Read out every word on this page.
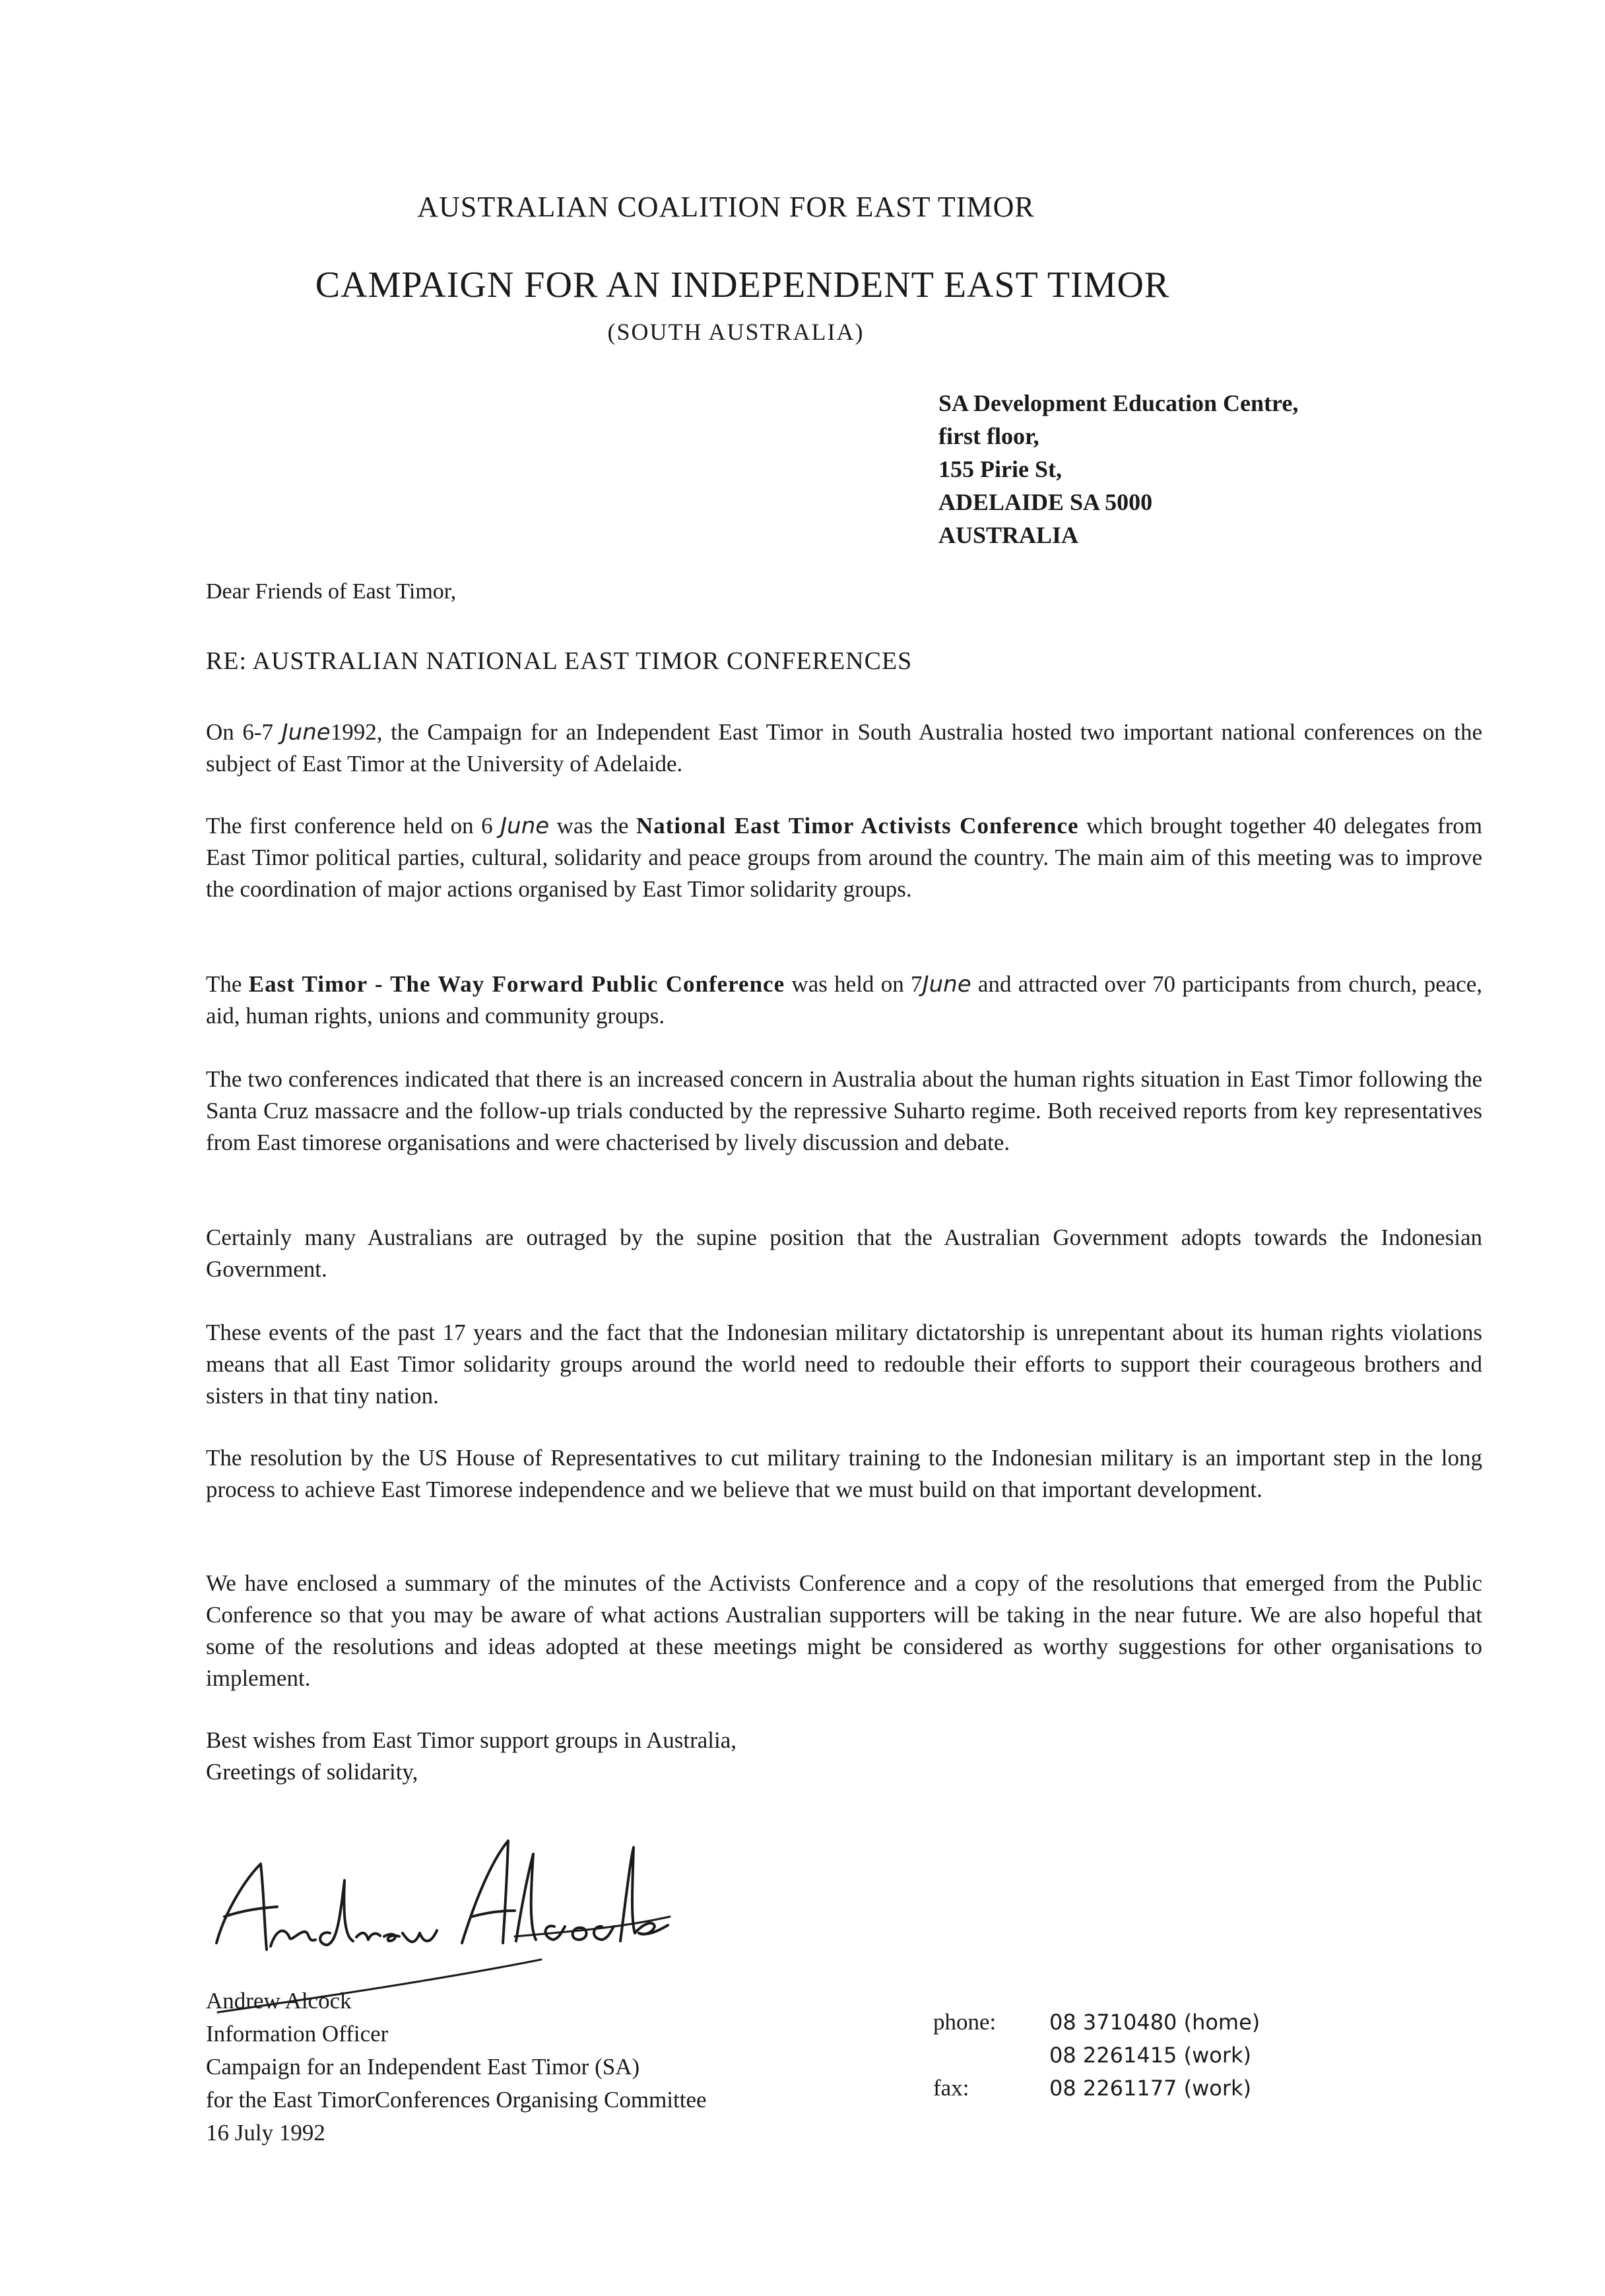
AUSTRALIAN COALITION FOR EAST TIMOR

CAMPAIGN FOR AN INDEPENDENT EAST TIMOR

(SOUTH AUSTRALIA)

SA Development Education Centre,
first floor,
155 Pirie St,
ADELAIDE SA 5000
AUSTRALIA

Dear Friends of East Timor,

RE: AUSTRALIAN NATIONAL EAST TIMOR CONFERENCES

On 6-7 June1992, the Campaign for an Independent East Timor in South Australia hosted two important national conferences on the subject of East Timor at the University of Adelaide.

The first conference held on 6 June was the National East Timor Activists Conference which brought together 40 delegates from East Timor political parties, cultural, solidarity and peace groups from around the country. The main aim of this meeting was to improve the coordination of major actions organised by East Timor solidarity groups.

The East Timor - The Way Forward Public Conference was held on 7June and attracted over 70 participants from church, peace, aid, human rights, unions and community groups.

The two conferences indicated that there is an increased concern in Australia about the human rights situation in East Timor following the Santa Cruz massacre and the follow-up trials conducted by the repressive Suharto regime. Both received reports from key representatives from East timorese organisations and were chacterised by lively discussion and debate.

Certainly many Australians are outraged by the supine position that the Australian Government adopts towards the Indonesian Government.

These events of the past 17 years and the fact that the Indonesian military dictatorship is unrepentant about its human rights violations means that all East Timor solidarity groups around the world need to redouble their efforts to support their courageous brothers and sisters in that tiny nation.

The resolution by the US House of Representatives to cut military training to the Indonesian military is an important step in the long process to achieve East Timorese independence and we believe that we must build on that important development.

We have enclosed a summary of the minutes of the Activists Conference and a copy of the resolutions that emerged from the Public Conference so that you may be aware of what actions Australian supporters will be taking in the near future. We are also hopeful that some of the resolutions and ideas adopted at these meetings might be considered as worthy suggestions for other organisations to implement.

Best wishes from East Timor support groups in Australia,
Greetings of solidarity,
Andrew Alcock
Information Officer
Campaign for an Independent East Timor (SA)
for the East TimorConferences Organising Committee
16 July 1992
phone:	08 3710480 (home)
08 2261415 (work)
fax:	08 2261177 (work)
